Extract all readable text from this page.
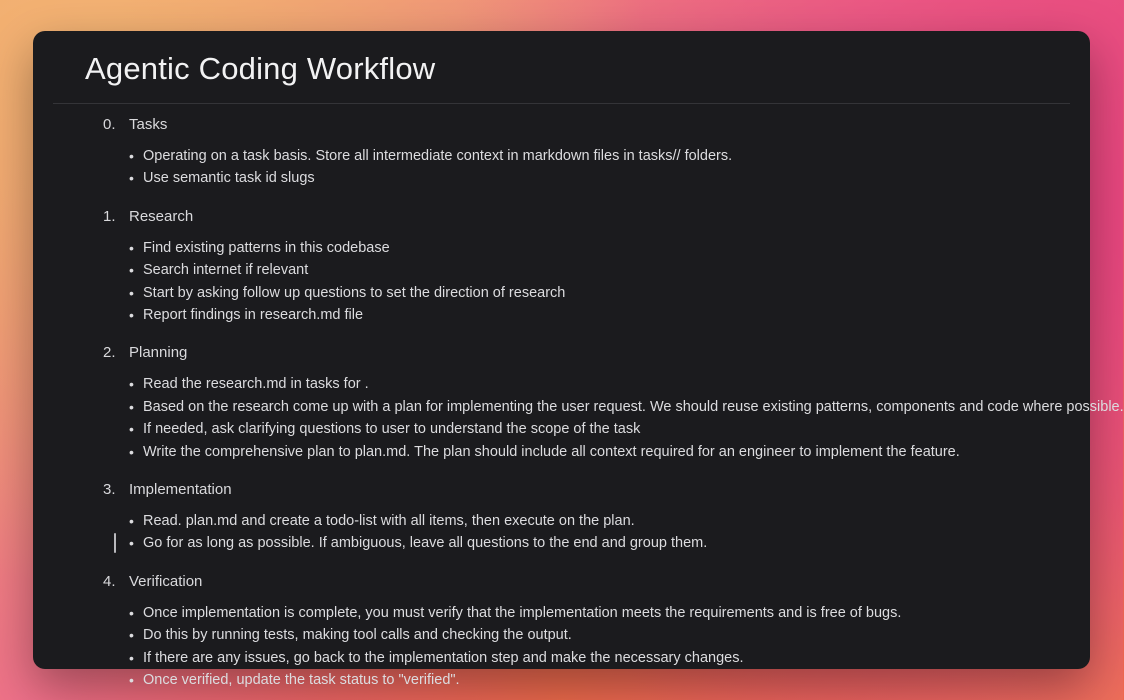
Agentic Coding Workflow
0. Tasks
• Operating on a task basis. Store all intermediate context in markdown files in tasks// folders.
• Use semantic task id slugs
1. Research
• Find existing patterns in this codebase
• Search internet if relevant
• Start by asking follow up questions to set the direction of research
• Report findings in research.md file
2. Planning
• Read the research.md in tasks for .
• Based on the research come up with a plan for implementing the user request. We should reuse existing patterns, components and code where possible.
• If needed, ask clarifying questions to user to understand the scope of the task
• Write the comprehensive plan to plan.md. The plan should include all context required for an engineer to implement the feature.
3. Implementation
• Read. plan.md and create a todo-list with all items, then execute on the plan.
• Go for as long as possible. If ambiguous, leave all questions to the end and group them.
4. Verification
• Once implementation is complete, you must verify that the implementation meets the requirements and is free of bugs.
• Do this by running tests, making tool calls and checking the output.
• If there are any issues, go back to the implementation step and make the necessary changes.
• Once verified, update the task status to "verified".
